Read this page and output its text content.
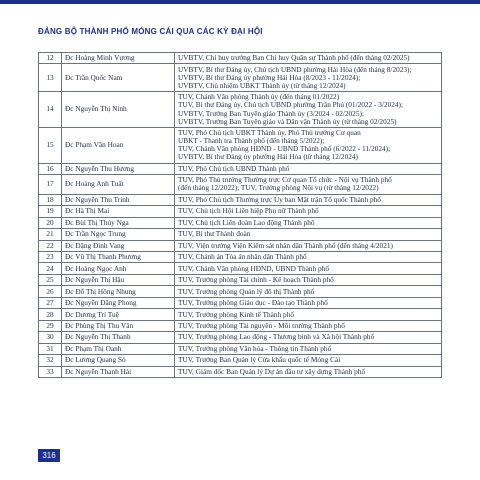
ĐẢNG BỘ THÀNH PHỐ MÓNG CÁI QUA CÁC KỲ ĐẠI HỘI
12	Đc Hoàng Minh Vương	UVBTV, Chỉ huy trưởng Ban Chỉ huy Quân sự Thành phố (đến tháng 02/2025)

13	Đc Trần Quốc Nam	UVBTV, Bí thư Đảng ủy, Chủ tịch UBND phường Hải Hòa (đến tháng 8/2023);
UVBTV, Bí thư Đảng ủy phường Hải Hòa (8/2023 - 11/2024);
UVBTV, Chủ nhiệm UBKT Thành ủy (từ tháng 12/2024)

14	Đc Nguyễn Thị Ninh	TUV, Chánh Văn phòng Thành ủy (đến tháng 01/2022)
TUV, Bí thư Đảng ủy, Chủ tịch UBND phường Trần Phú (01/2022 - 3/2024);
UVBTV, Trưởng Ban Tuyên giáo Thành ủy (3/2024 - 02/2025);
UVBTV, Trưởng Ban Tuyên giáo và Dân vận Thành ủy (từ tháng 02/2025)

15	Đc Phạm Văn Hoan	TUV, Phó Chủ tịch UBKT Thành ủy, Phó Thủ trưởng Cơ quan
UBKT - Thanh tra Thành phố (đến tháng 5/2022);
TUV, Chánh Văn phòng HĐND - UBND Thành phố (6/2022 - 11/2024);
UVBTV, Bí thư Đảng ủy phường Hải Hòa (từ tháng 12/2024)

16	Đc Nguyễn Thu Hương	TUV, Phó Chủ tịch UBND Thành phố

17	Đc Hoàng Anh Tuất	TUV, Phó Thủ trưởng Thường trực Cơ quan Tổ chức - Nội vụ Thành phố
(đến tháng 12/2022); TUV, Trưởng phòng Nội vụ (từ tháng 12/2022)

18	Đc Nguyễn Thu Trinh	TUV, Phó Chủ tịch Thường trực Ủy ban Mặt trận Tổ quốc Thành phố

19	Đc Hà Thị Mai	TUV, Chủ tịch Hội Liên hiệp Phụ nữ Thành phố

20	Đc Bùi Thị Thúy Nga	TUV, Chủ tịch Liên đoàn Lao động Thành phố

21	Đc Trần Ngọc Trung	TUV, Bí thư Thành đoàn

22	Đc Đặng Đình Vang	TUV, Viện trưởng Viện Kiểm sát nhân dân Thành phố (đến tháng 4/2021)

23	Đc Vũ Thị Thanh Phương	TUV, Chánh án Tòa án nhân dân Thành phố

24	Đc Hoàng Ngọc Anh	TUV, Chánh Văn phòng HĐND, UBND Thành phố

25	Đc Nguyễn Thị Hậu	TUV, Trưởng phòng Tài chính - Kế hoạch Thành phố

26	Đc Đỗ Thị Hồng Nhung	TUV, Trưởng phòng Quản lý đô thị Thành phố

27	Đc Nguyễn Đăng Phong	TUV, Trưởng phòng Giáo dục - Đào tạo Thành phố

28	Đc Dương Trí Tuệ	TUV, Trưởng phòng Kinh tế Thành phố

29	Đc Phùng Thị Thu Vân	TUV, Trưởng phòng Tài nguyên - Môi trường Thành phố

30	Đc Nguyễn Thị Thanh	TUV, Trưởng phòng Lao động - Thương binh và Xã hội Thành phố

31	Đc Phạm Thị Oanh	TUV, Trưởng phòng Văn hóa - Thông tin Thành phố

32	Đc Lương Quang Sỏ	TUV, Trưởng Ban Quản lý Cửa khẩu quốc tế Móng Cái

33	Đc Nguyễn Thanh Hải	TUV, Giám đốc Ban Quản lý Dự án đầu tư xây dựng Thành phố
316
